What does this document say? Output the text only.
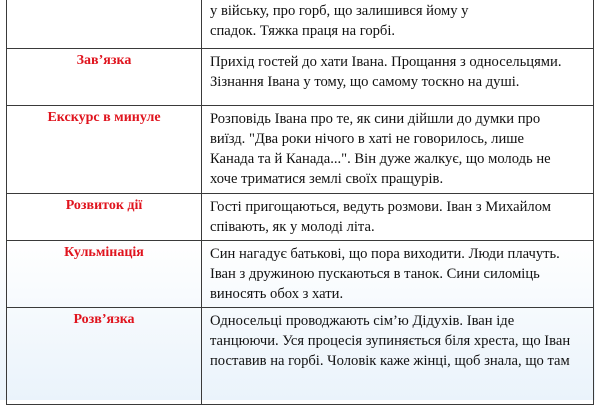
	у війську, про горб, що залишився йому у
спадок. Тяжка праця на горбі.

Зав’язка	Прихід гостей до хати Івана. Прощання з односельцями.
Зізнання Івана у тому, що самому тоскно на душі.

Екскурс в минуле	Розповідь Івана про те, як сини дійшли до думки про
виїзд. "Два роки нічого в хаті не говорилось, лише
Канада та й Канада...". Він дуже жалкує, що молодь не
хоче триматися землі своїх пращурів.

Розвиток дії	Гості пригощаються, ведуть розмови. Іван з Михайлом
співають, як у молоді літа.

Кульмінація	Син нагадує батькові, що пора виходити. Люди плачуть.
Іван з дружиною пускаються в танок. Сини силоміць
виносять обох з хати.

Розв’язка	Односельці проводжають сім’ю Дідухів. Іван іде
танцюючи. Уся процесія зупиняється біля хреста, що Іван
поставив на горбі. Чоловік каже жінці, щоб знала, що там
